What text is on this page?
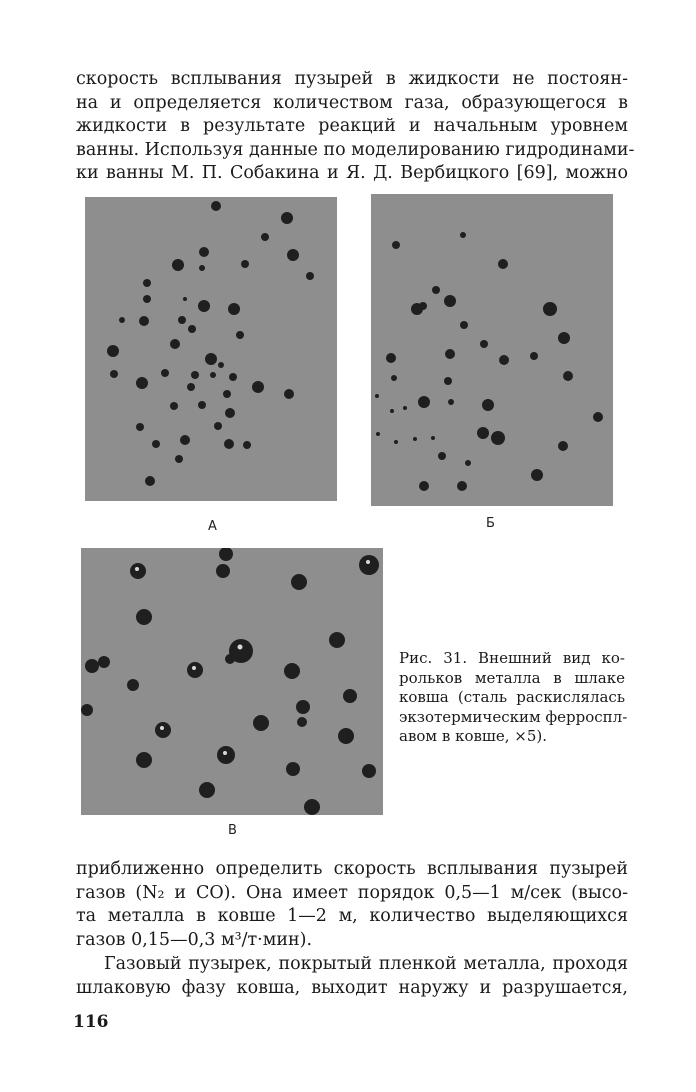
скорость всплывания пузырей в жидкости не постоян-
на и определяется количеством газа, образующегося в
жидкости в результате реакций и начальным уровнем
ванны. Используя данные по моделированию гидродинами-
ки ванны М. П. Собакина и Я. Д. Вербицкого [69], можно
А	Б
В
Рис. 31. Внешний вид ко-
рольков металла в шлаке
ковша (сталь раскислялась
экзотермическим ферроспл-
авом в ковше, ×5).
приближенно определить скорость всплывания пузырей
газов (N₂ и CO). Она имеет порядок 0,5—1 м/сек (высо-
та металла в ковше 1—2 м, количество выделяющихся
газов 0,15—0,3 м³/т·мин).
Газовый пузырек, покрытый пленкой металла, проходя
шлаковую фазу ковша, выходит наружу и разрушается,
116
